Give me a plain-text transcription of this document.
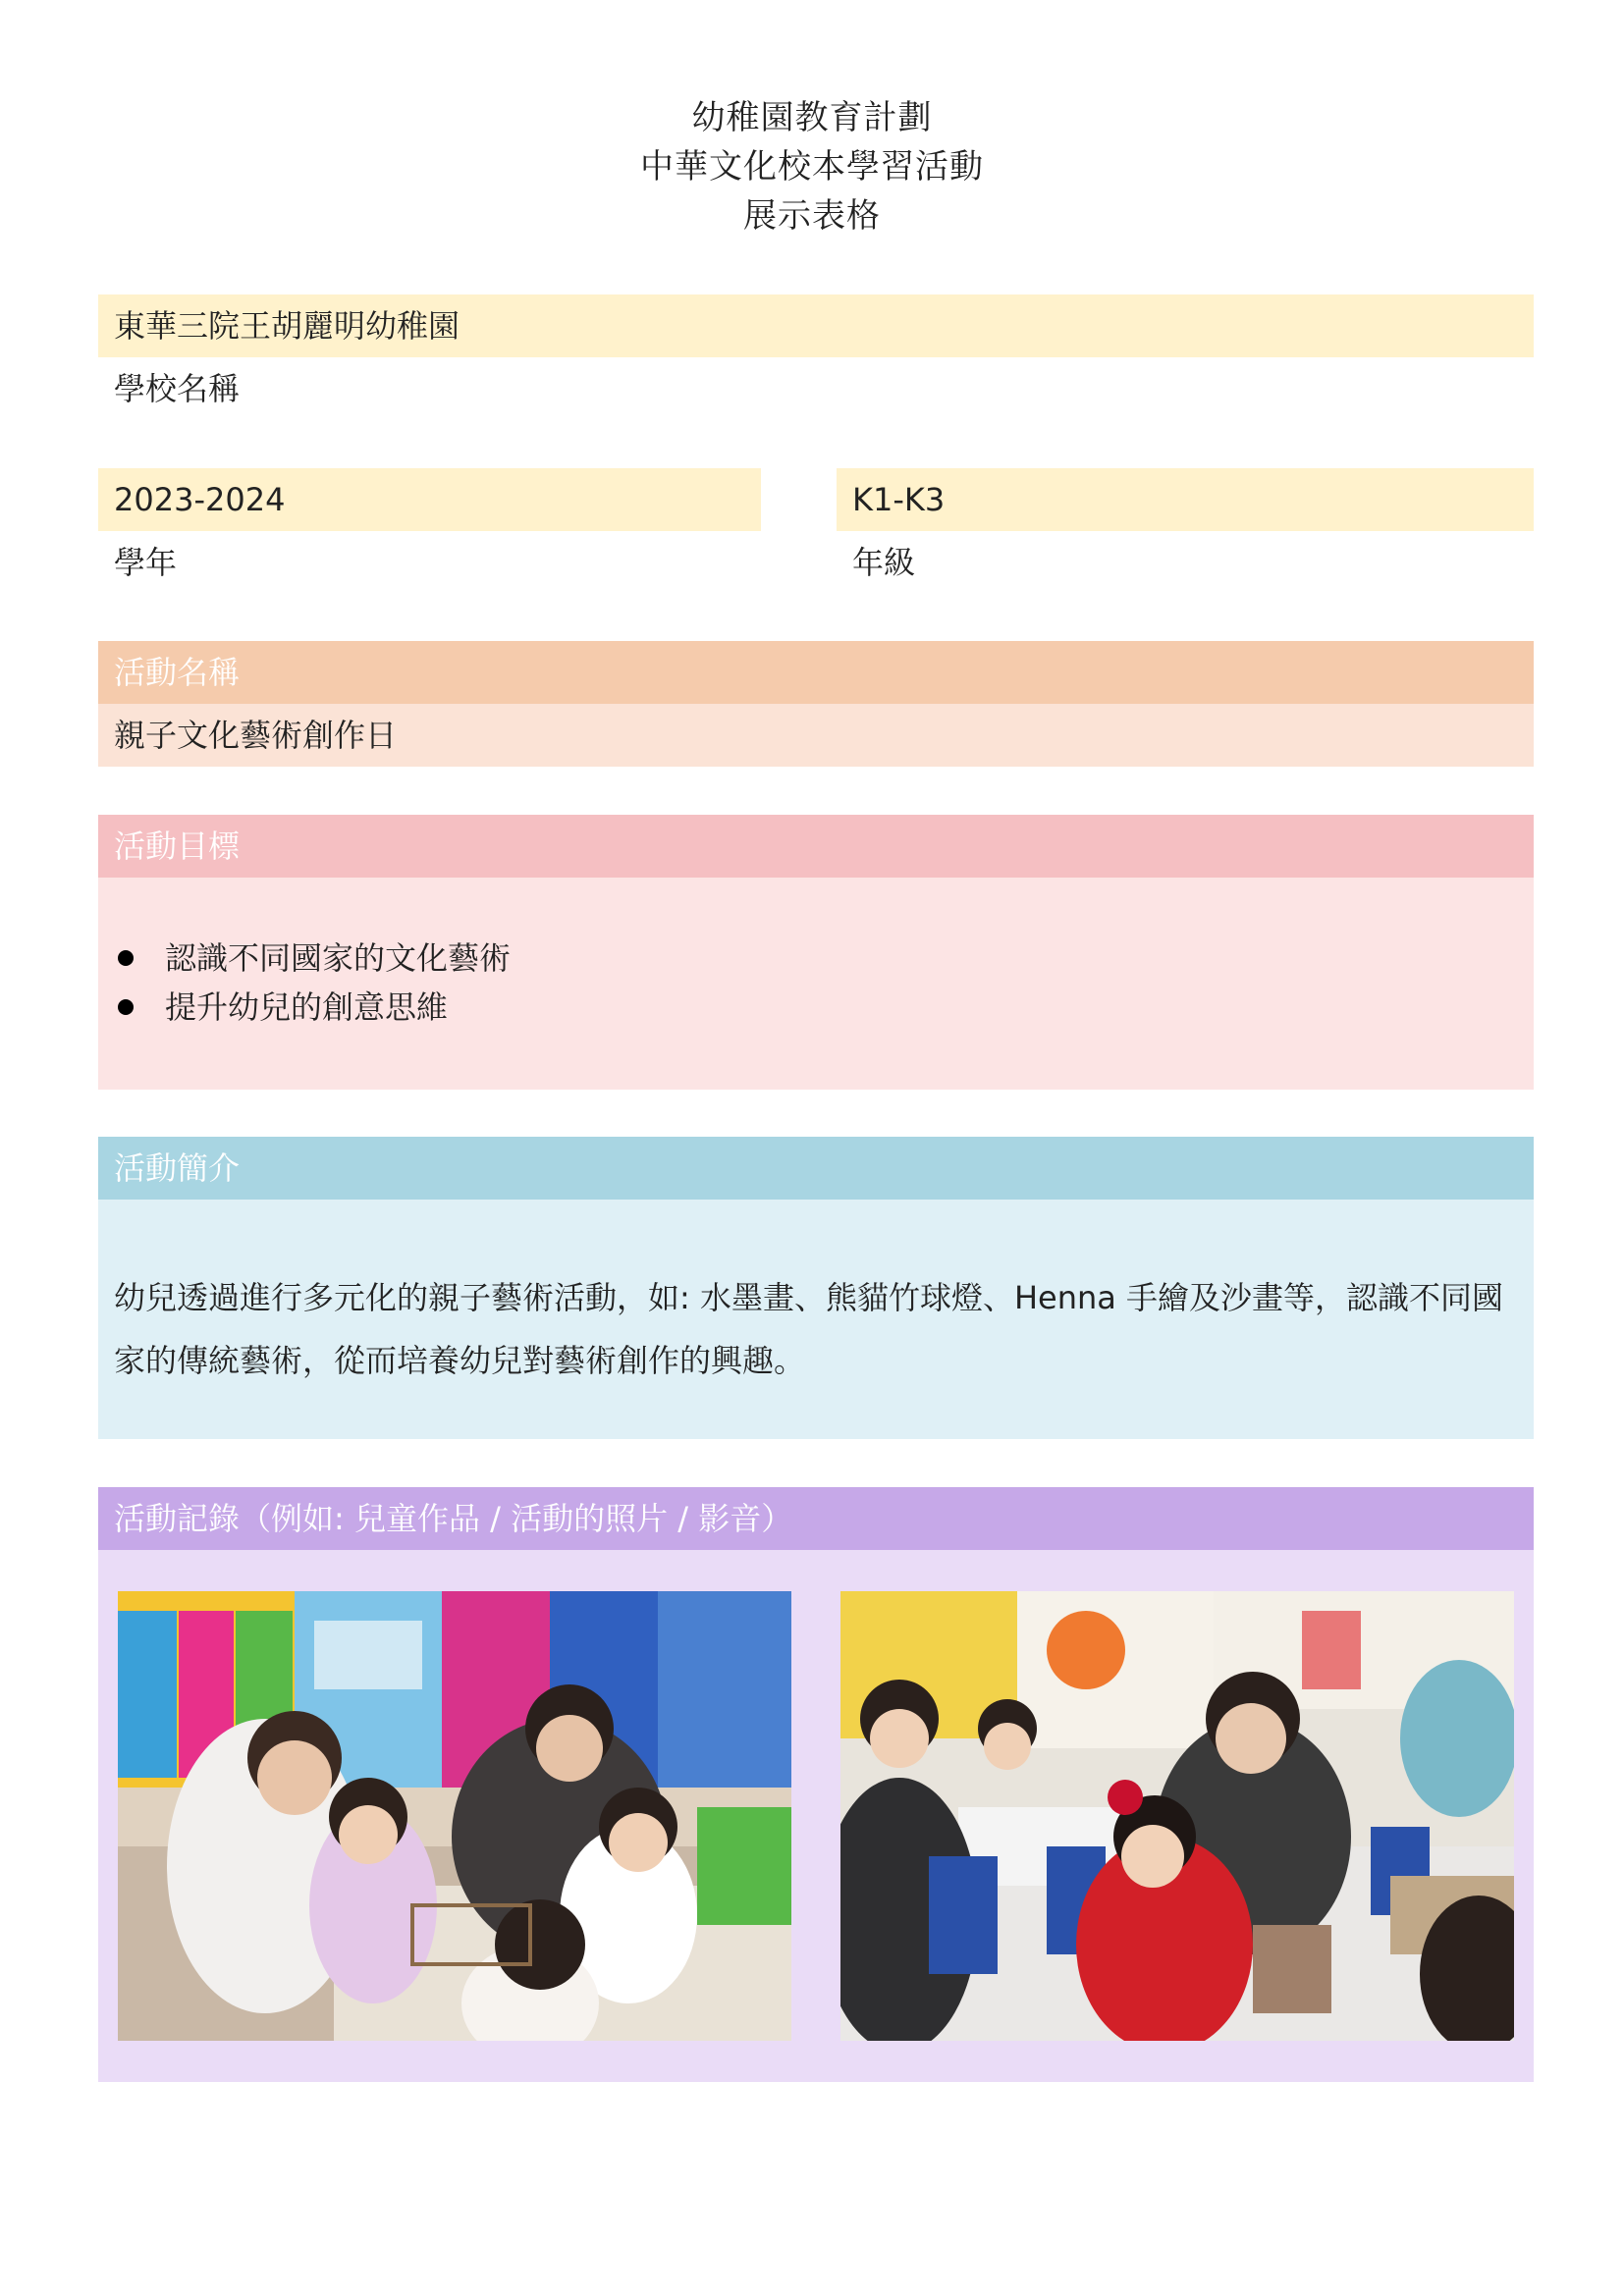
幼稚園教育計劃
中華文化校本學習活動
展示表格
東華三院王胡麗明幼稚園
學校名稱
2023-2024
學年
K1-K3
年級
活動名稱
親子文化藝術創作日
活動目標
認識不同國家的文化藝術
提升幼兒的創意思維
活動簡介
幼兒透過進行多元化的親子藝術活動，如: 水墨畫、熊貓竹球燈、Henna 手繪及沙畫等，認識不同國家的傳統藝術，從而培養幼兒對藝術創作的興趣。
活動記錄（例如: 兒童作品 / 活動的照片 / 影音）
